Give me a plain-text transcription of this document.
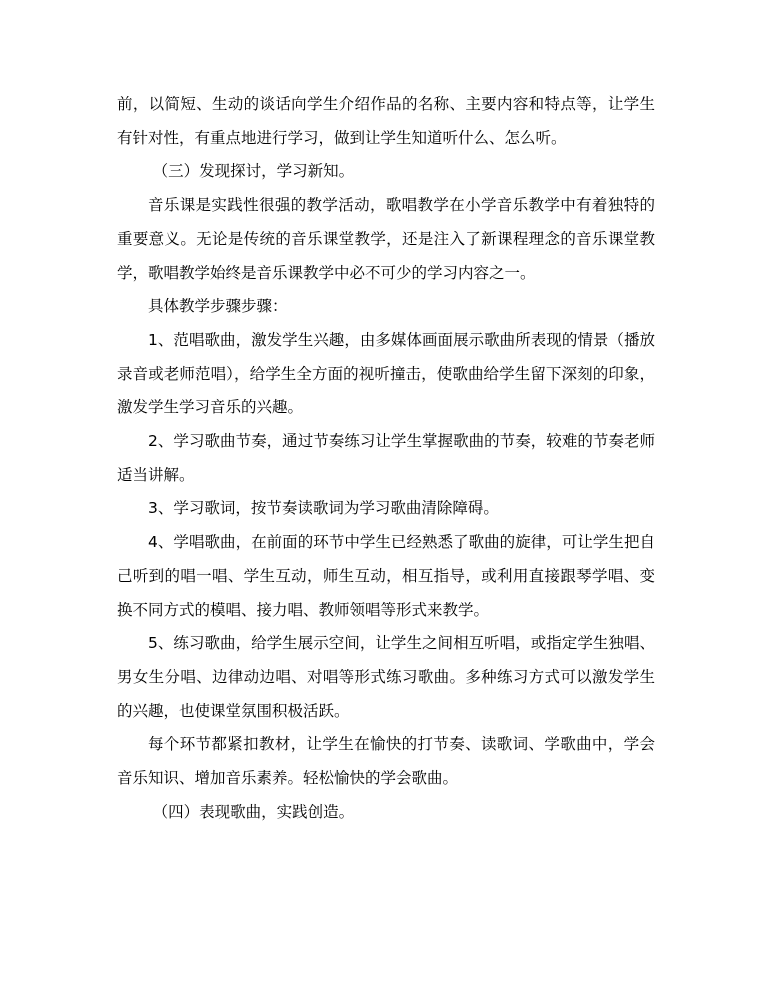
前，以简短、生动的谈话向学生介绍作品的名称、主要内容和特点等，让学生有针对性，有重点地进行学习，做到让学生知道听什么、怎么听。

（三）发现探讨，学习新知。

音乐课是实践性很强的教学活动，歌唱教学在小学音乐教学中有着独特的重要意义。无论是传统的音乐课堂教学，还是注入了新课程理念的音乐课堂教学，歌唱教学始终是音乐课教学中必不可少的学习内容之一。

具体教学步骤步骤：

1、范唱歌曲，激发学生兴趣，由多媒体画面展示歌曲所表现的情景（播放录音或老师范唱），给学生全方面的视听撞击，使歌曲给学生留下深刻的印象，激发学生学习音乐的兴趣。

2、学习歌曲节奏，通过节奏练习让学生掌握歌曲的节奏，较难的节奏老师适当讲解。

3、学习歌词，按节奏读歌词为学习歌曲清除障碍。

4、学唱歌曲，在前面的环节中学生已经熟悉了歌曲的旋律，可让学生把自己听到的唱一唱、学生互动，师生互动，相互指导，或利用直接跟琴学唱、变换不同方式的模唱、接力唱、教师领唱等形式来教学。

5、练习歌曲，给学生展示空间，让学生之间相互听唱，或指定学生独唱、男女生分唱、边律动边唱、对唱等形式练习歌曲。多种练习方式可以激发学生的兴趣，也使课堂氛围积极活跃。

每个环节都紧扣教材，让学生在愉快的打节奏、读歌词、学歌曲中，学会音乐知识、增加音乐素养。轻松愉快的学会歌曲。

（四）表现歌曲，实践创造。
